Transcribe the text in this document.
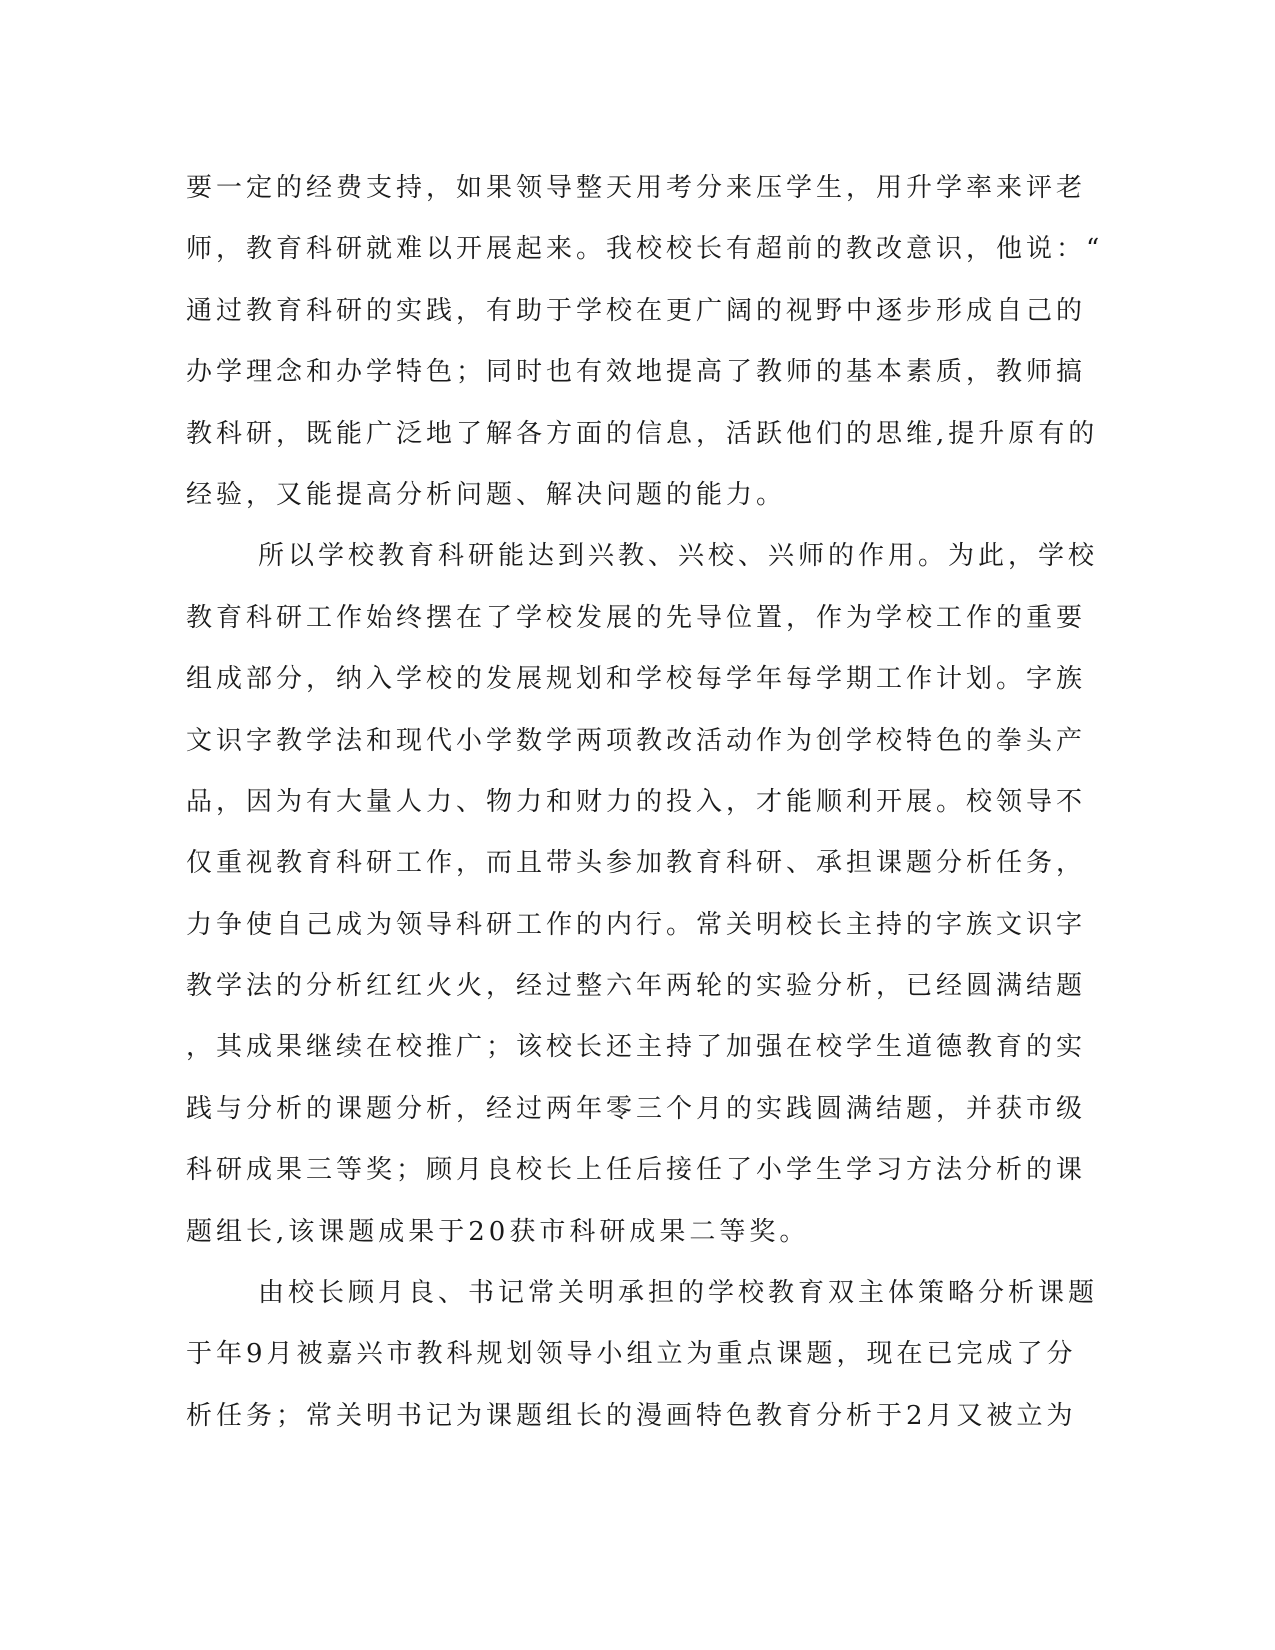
要一定的经费支持，如果领导整天用考分来压学生，用升学率来评老
师，教育科研就难以开展起来。我校校长有超前的教改意识，他说：“
通过教育科研的实践，有助于学校在更广阔的视野中逐步形成自己的
办学理念和办学特色；同时也有效地提高了教师的基本素质，教师搞
教科研，既能广泛地了解各方面的信息，活跃他们的思维,提升原有的
经验，又能提高分析问题、解决问题的能力。
所以学校教育科研能达到兴教、兴校、兴师的作用。为此，学校
教育科研工作始终摆在了学校发展的先导位置，作为学校工作的重要
组成部分，纳入学校的发展规划和学校每学年每学期工作计划。字族
文识字教学法和现代小学数学两项教改活动作为创学校特色的拳头产
品，因为有大量人力、物力和财力的投入，才能顺利开展。校领导不
仅重视教育科研工作，而且带头参加教育科研、承担课题分析任务，
力争使自己成为领导科研工作的内行。常关明校长主持的字族文识字
教学法的分析红红火火，经过整六年两轮的实验分析，已经圆满结题
，其成果继续在校推广；该校长还主持了加强在校学生道德教育的实
践与分析的课题分析，经过两年零三个月的实践圆满结题，并获市级
科研成果三等奖；顾月良校长上任后接任了小学生学习方法分析的课
题组长,该课题成果于20获市科研成果二等奖。
由校长顾月良、书记常关明承担的学校教育双主体策略分析课题
于年9月被嘉兴市教科规划领导小组立为重点课题，现在已完成了分
析任务；常关明书记为课题组长的漫画特色教育分析于2月又被立为
